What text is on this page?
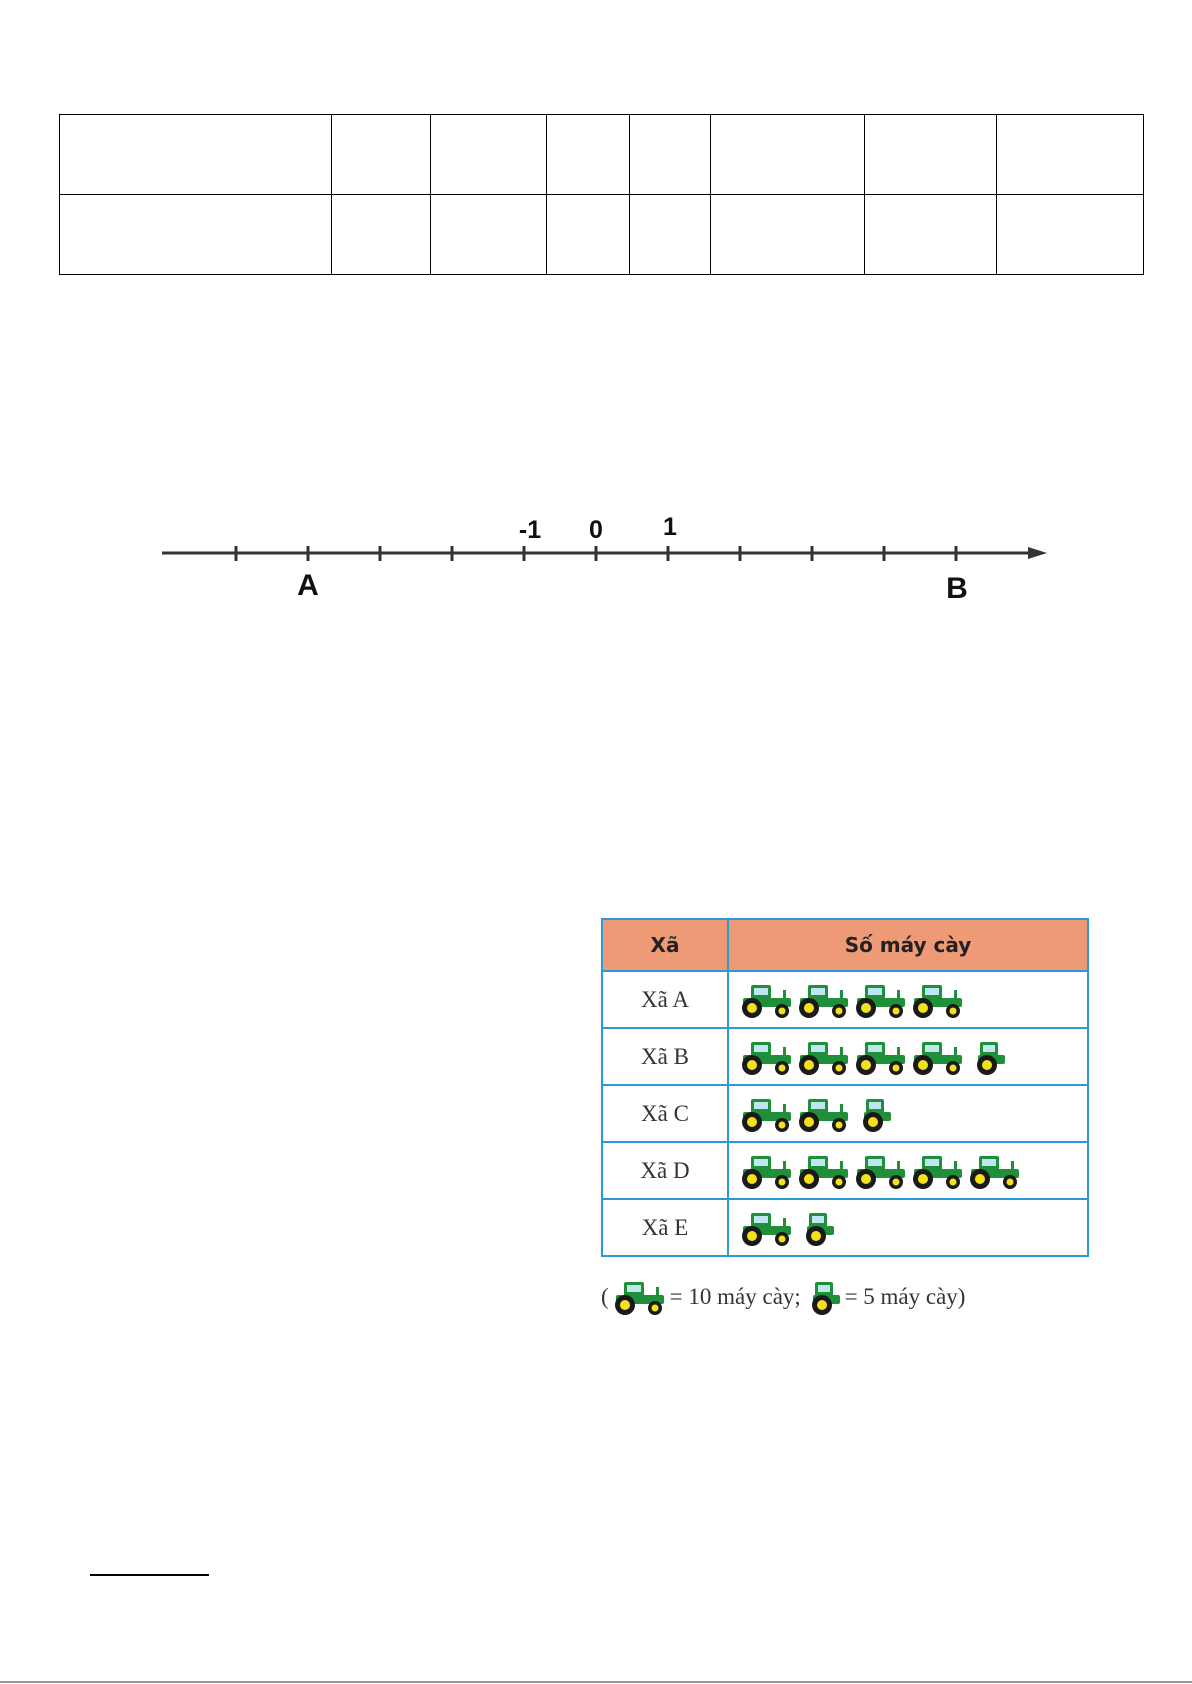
-1 0 1
A	B
Xã	Số máy cày
Xã A	

Xã B	

Xã C	

Xã D	

Xã E	
(	= 10 máy cày; = 5 máy cày)
